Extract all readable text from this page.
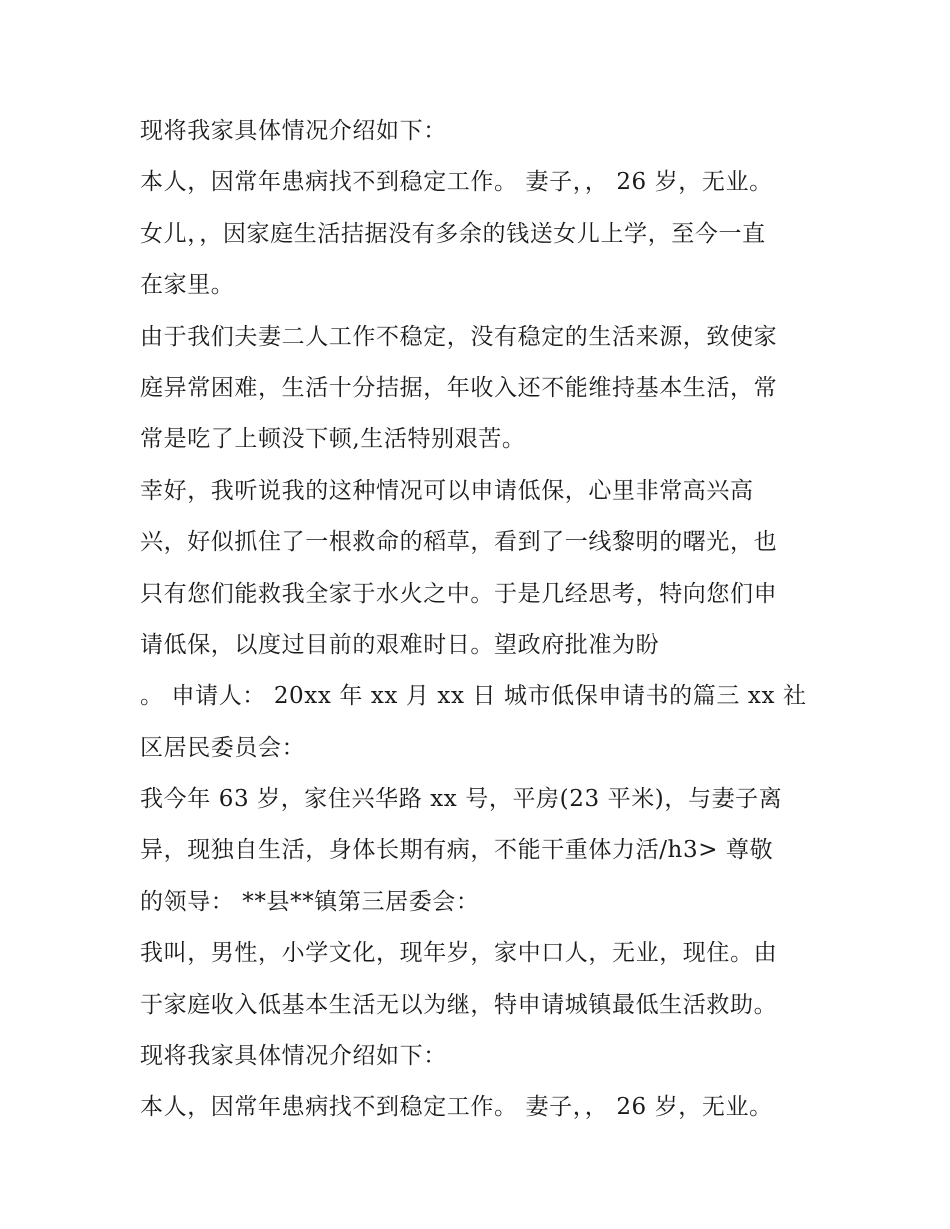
现将我家具体情况介绍如下：
本人，因常年患病找不到稳定工作。 妻子，， 26 岁，无业。
女儿，，因家庭生活拮据没有多余的钱送女儿上学，至今一直
在家里。
由于我们夫妻二人工作不稳定，没有稳定的生活来源，致使家
庭异常困难，生活十分拮据，年收入还不能维持基本生活，常
常是吃了上顿没下顿,生活特别艰苦。
幸好，我听说我的这种情况可以申请低保，心里非常高兴高
兴，好似抓住了一根救命的稻草，看到了一线黎明的曙光，也
只有您们能救我全家于水火之中。于是几经思考，特向您们申
请低保，以度过目前的艰难时日。望政府批准为盼
。 申请人： 20xx 年 xx 月 xx 日 城市低保申请书的篇三 xx 社
区居民委员会：
我今年 63 岁，家住兴华路 xx 号，平房(23 平米)，与妻子离
异，现独自生活，身体长期有病，不能干重体力活/h3> 尊敬
的领导： **县**镇第三居委会：
我叫，男性，小学文化，现年岁，家中口人，无业，现住。由
于家庭收入低基本生活无以为继，特申请城镇最低生活救助。
现将我家具体情况介绍如下：
本人，因常年患病找不到稳定工作。 妻子，， 26 岁，无业。
